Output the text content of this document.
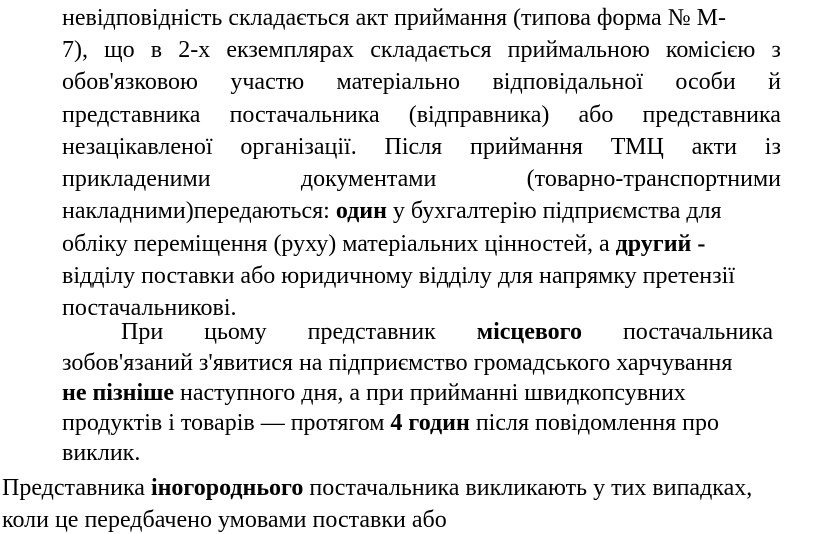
невідповідність складається акт приймання (типова форма № М-
7), що в 2-х екземплярах складається приймальною комісією з
обов'язковою участю матеріально відповідальної особи й
представника постачальника (відправника) або представника
незацікавленої організації. Після приймання ТМЦ акти із
прикладеними	документами	(товарно-транспортними
накладними)передаються: один у бухгалтерію підприємства для
обліку переміщення (руху) матеріальних цінностей, а другий -
відділу поставки або юридичному відділу для напрямку претензії
постачальникові.
При цьому представник місцевого постачальника
зобов'язаний з'явитися на підприємство громадського харчування
не пізніше наступного дня, а при прийманні швидкопсувних
продуктів і товарів — протягом 4 годин після повідомлення про
виклик.
Представника іногороднього постачальника викликають у тих випадках,
коли це передбачено умовами поставки або
